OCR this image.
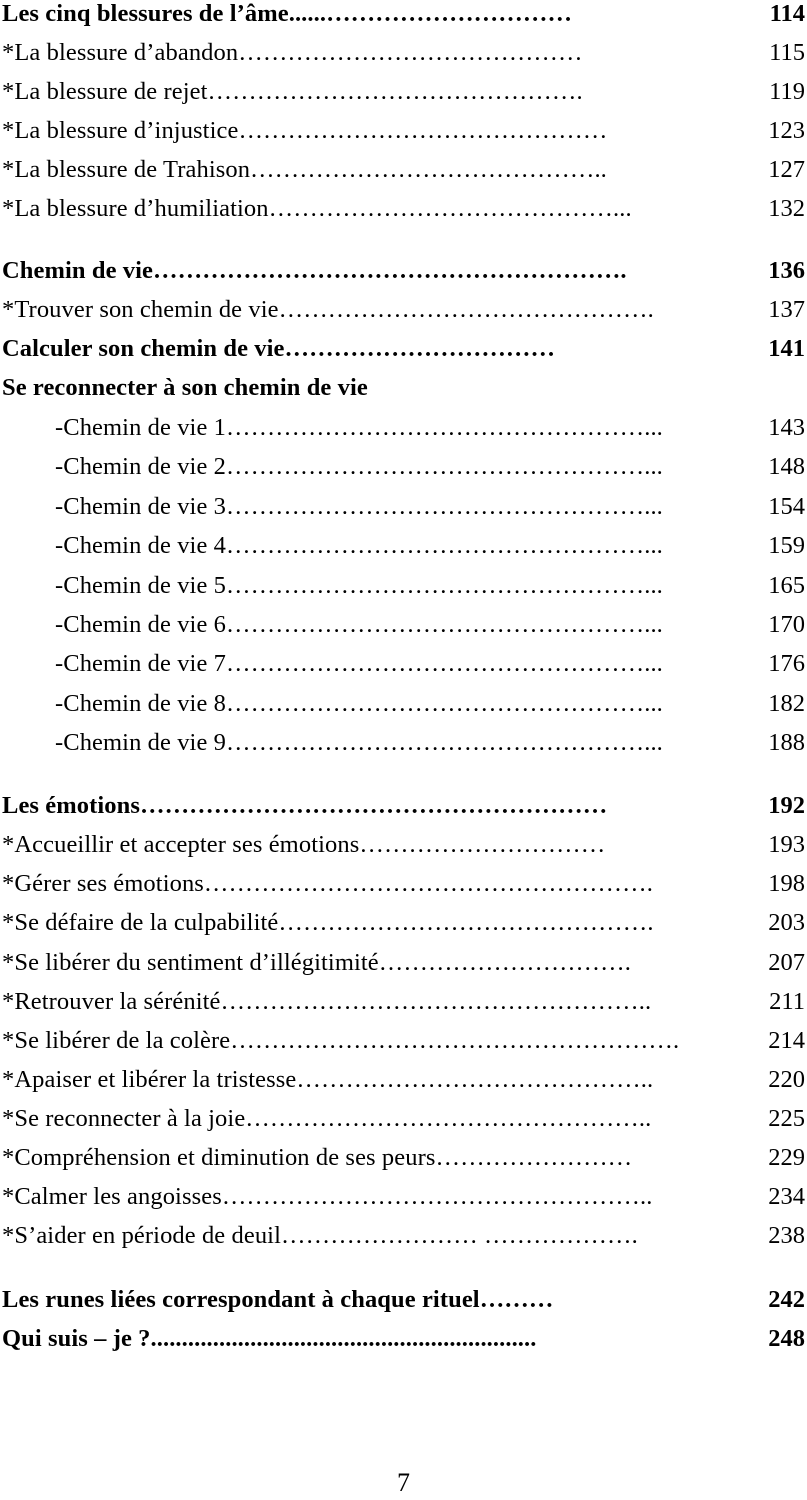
Les cinq blessures de l’âme......…………………………	114
*La blessure d’abandon……………………………………	115
*La blessure de rejet……………………………………….	119
*La blessure d’injustice………………………………………	123
*La blessure de Trahison……………………………………..	127
*La blessure d’humiliation……………………………………...	132
Chemin de vie………………………………………………….	136
*Trouver son chemin de vie……………………………………….	137
Calculer son chemin de vie……………………………	141
Se reconnecter à son chemin de vie
-Chemin de vie 1……………………………………………...	143
-Chemin de vie 2……………………………………………...	148
-Chemin de vie 3……………………………………………...	154
-Chemin de vie 4……………………………………………...	159
-Chemin de vie 5……………………………………………...	165
-Chemin de vie 6……………………………………………...	170
-Chemin de vie 7……………………………………………...	176
-Chemin de vie 8……………………………………………...	182
-Chemin de vie 9……………………………………………...	188
Les émotions…………………………………………………	192
*Accueillir et accepter ses émotions…………………………	193
*Gérer ses émotions……………………………………………….	198
*Se défaire de la culpabilité……………………………………….	203
*Se libérer du sentiment d’illégitimité………………………….	207
*Retrouver la sérénité……………………………………………..	211
*Se libérer de la colère……………………………………………….	214
*Apaiser et libérer la tristesse……………………………………..	220
*Se reconnecter à la joie…………………………………………..	225
*Compréhension et diminution de ses peurs……………………	229
*Calmer les angoisses……………………………………………..	234
*S’aider en période de deuil…………………… ……………….	238
Les runes liées correspondant à chaque rituel………	242
Qui suis – je ?..............................................................	248
7
